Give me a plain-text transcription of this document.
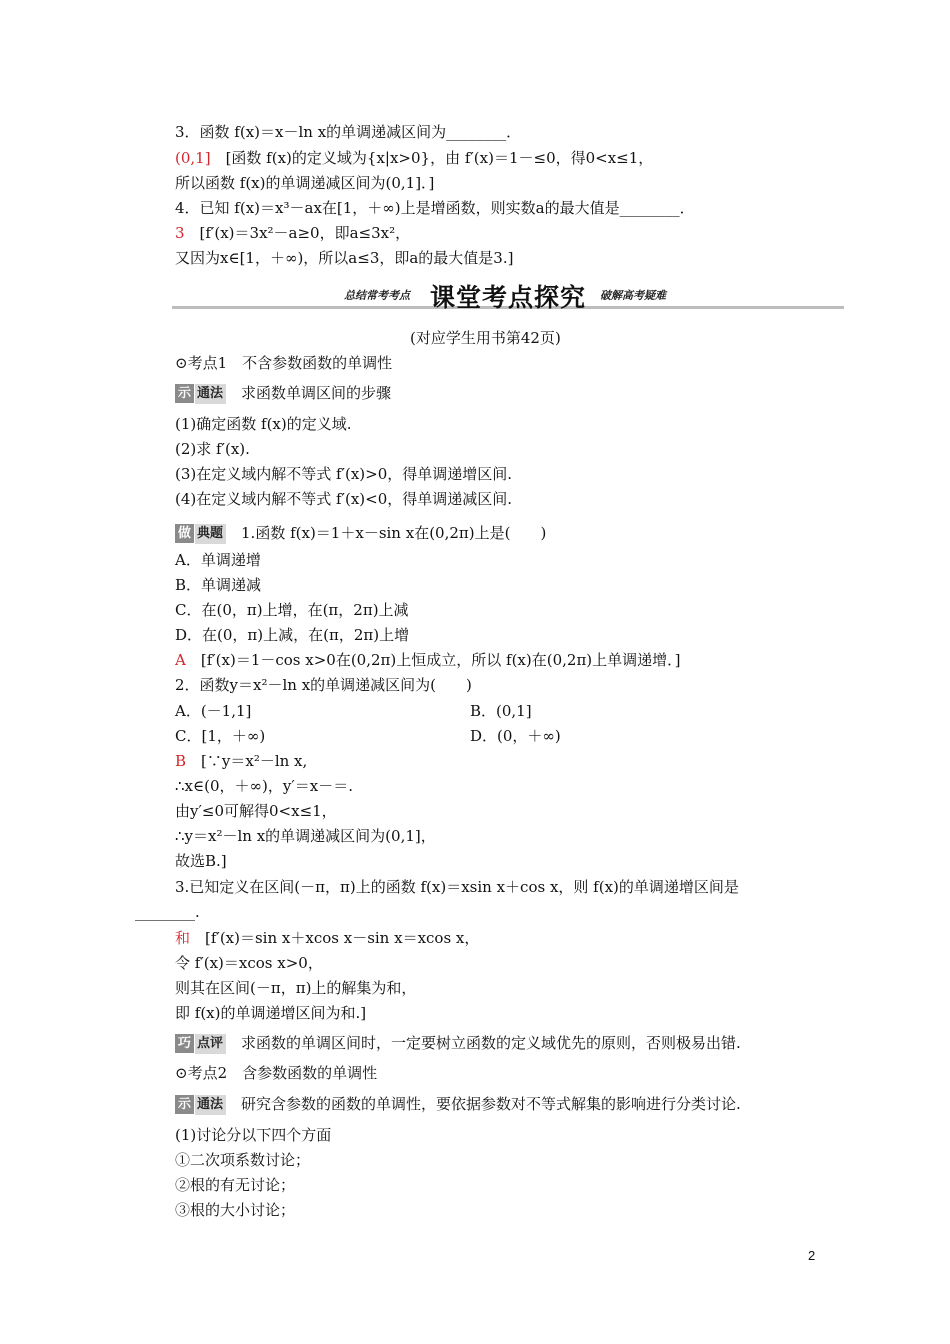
3．函数 f(x)＝x－ln x的单调递减区间为________．
(0,1]　[函数 f(x)的定义域为{x|x>0}，由 f′(x)＝1－≤0，得0<x≤1，
所以函数 f(x)的单调递减区间为(0,1]．]
4．已知 f(x)＝x³－ax在[1，＋∞)上是增函数，则实数a的最大值是________．
3　[f′(x)＝3x²－a≥0，即a≤3x²，
又因为x∈[1，＋∞)，所以a≤3，即a的最大值是3.]
总结常考考点 课堂考点探究 破解高考疑难
(对应学生用书第42页)
⊙考点1　不含参数函数的单调性
示 通法　求函数单调区间的步骤
(1)确定函数 f(x)的定义域.
(2)求 f′(x).
(3)在定义域内解不等式 f′(x)>0，得单调递增区间.
(4)在定义域内解不等式 f′(x)<0，得单调递减区间.
做 典题　1.函数 f(x)＝1＋x－sin x在(0,2π)上是(　　)
A．单调递增
B．单调递减
C．在(0，π)上增，在(π，2π)上减
D．在(0，π)上减，在(π，2π)上增
A　[f′(x)＝1－cos x>0在(0,2π)上恒成立，所以 f(x)在(0,2π)上单调递增．]
2．函数y＝x²－ln x的单调递减区间为(　　)
A．(－1,1]	B．(0,1]
C．[1，＋∞)	D．(0，＋∞)
B　[∵y＝x²－ln x,
∴x∈(0，＋∞)，y′＝x－＝.
由y′≤0可解得0<x≤1，
∴y＝x²－ln x的单调递减区间为(0,1]，
故选B.]
3.已知定义在区间(－π，π)上的函数 f(x)＝xsin x＋cos x，则 f(x)的单调递增区间是
________.
和　[f′(x)＝sin x＋xcos x－sin x＝xcos x，
令 f′(x)＝xcos x>0，
则其在区间(－π，π)上的解集为和，
即 f(x)的单调递增区间为和.]
巧 点评　求函数的单调区间时，一定要树立函数的定义域优先的原则，否则极易出错.
⊙考点2　含参数函数的单调性
示 通法　研究含参数的函数的单调性，要依据参数对不等式解集的影响进行分类讨论.
(1)讨论分以下四个方面
①二次项系数讨论；
②根的有无讨论；
③根的大小讨论；
2
